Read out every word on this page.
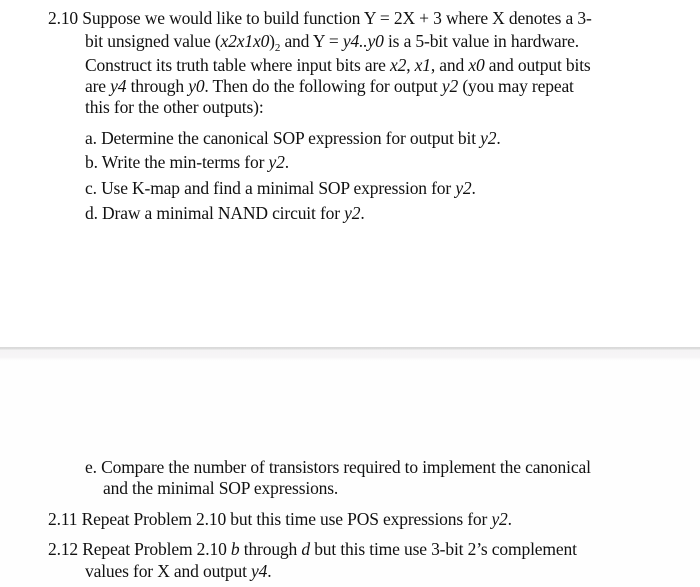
2.10 Suppose we would like to build function Y = 2X + 3 where X denotes a 3-
bit unsigned value $(x2x1x0)_2$ and Y = y4..y0 is a 5-bit value in hardware.
Construct its truth table where input bits are x2, x1, and x0 and output bits
are y4 through y0. Then do the following for output y2 (you may repeat
this for the other outputs):
a. Determine the canonical SOP expression for output bit y2.
b. Write the min-terms for y2.
c. Use K-map and find a minimal SOP expression for y2.
d. Draw a minimal NAND circuit for y2.
e. Compare the number of transistors required to implement the canonical
and the minimal SOP expressions.
2.11 Repeat Problem 2.10 but this time use POS expressions for y2.
2.12 Repeat Problem 2.10 b through d but this time use 3-bit 2’s complement
values for X and output y4.
